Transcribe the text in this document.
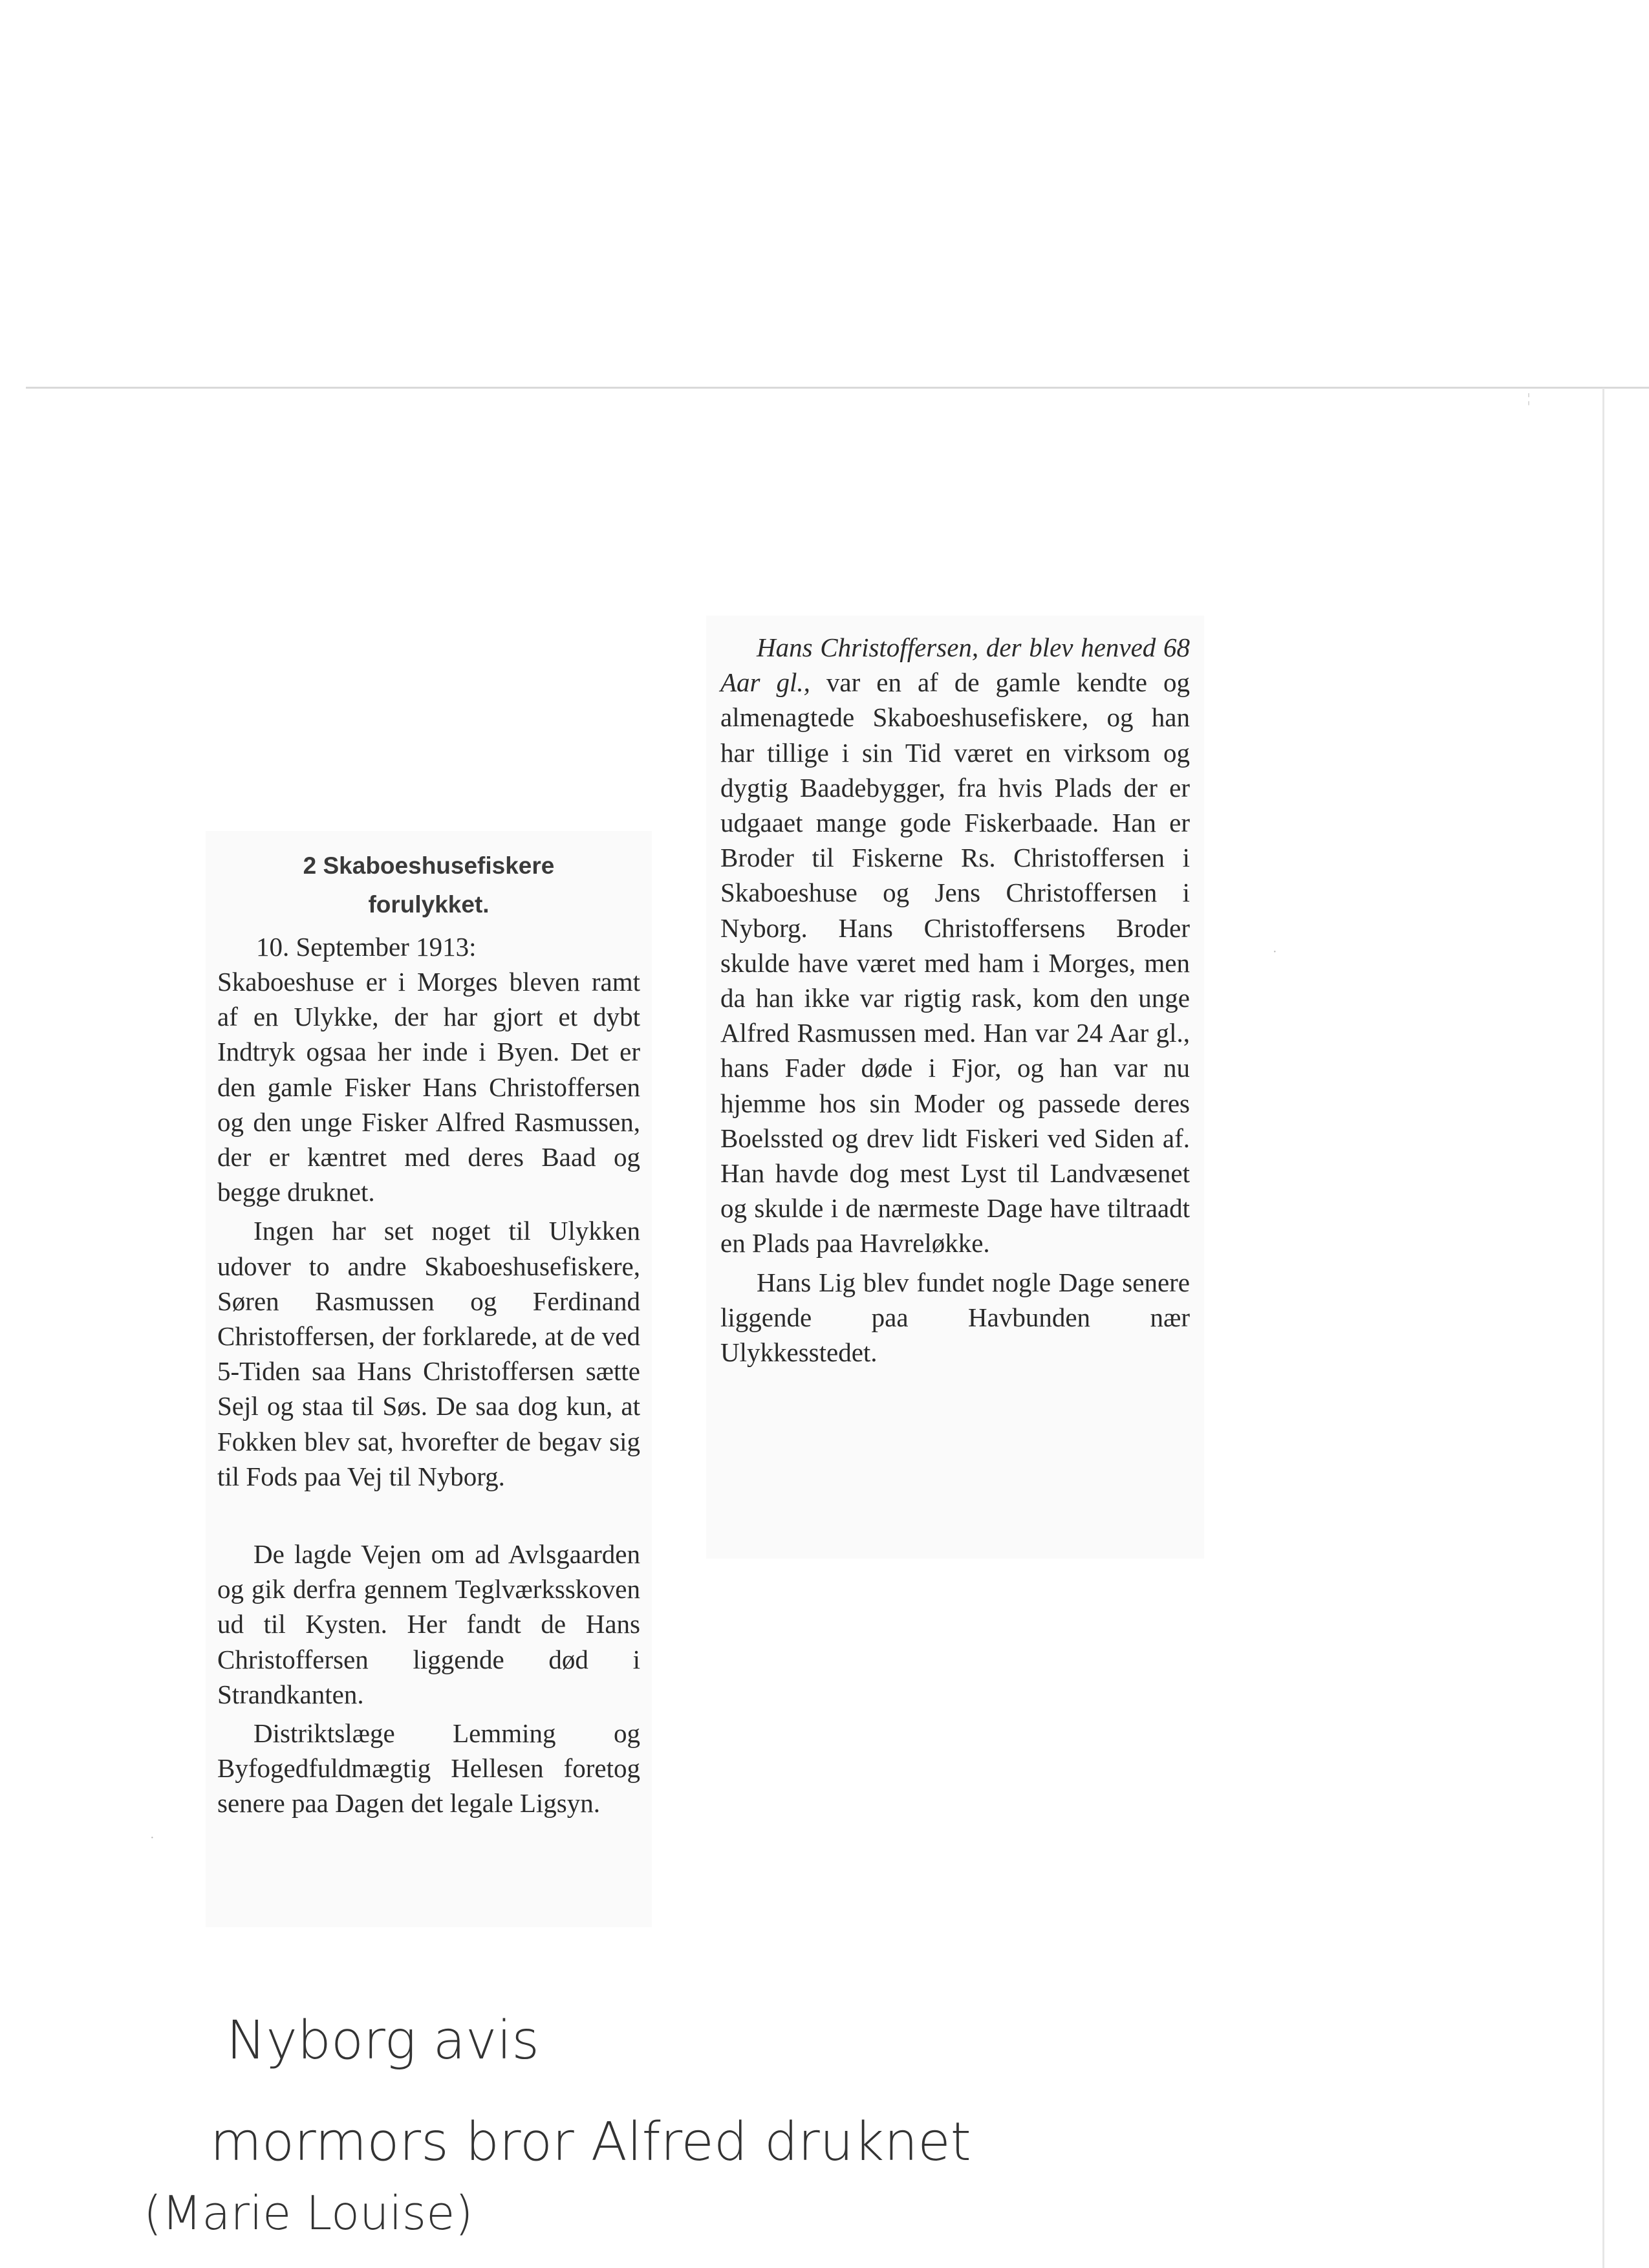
¦
·
·
2 Skaboeshusefiskere
forulykket.
10. September 1913:

Skaboeshuse er i Morges bleven ramt af en Ulykke, der har gjort et dybt Indtryk ogsaa her inde i Byen. Det er den gamle Fisker Hans Christoffersen og den unge Fisker Alfred Rasmussen, der er kæntret med deres Baad og begge druknet.

Ingen har set noget til Ulykken udover to andre Skaboeshusefiskere, Søren Rasmussen og Ferdinand Christoffersen, der forklarede, at de ved 5-Tiden saa Hans Christoffersen sætte Sejl og staa til Søs. De saa dog kun, at Fokken blev sat, hvorefter de begav sig til Fods paa Vej til Nyborg.

De lagde Vejen om ad Avlsgaarden og gik derfra gennem Teglværksskoven ud til Kysten. Her fandt de Hans Christoffersen liggende død i Strandkanten.

Distriktslæge Lemming og Byfogedfuldmægtig Hellesen foretog senere paa Dagen det legale Ligsyn.

Hans Christoffersen, der blev henved 68 Aar gl., var en af de gamle kendte og almenagtede Skaboeshusefiskere, og han har tillige i sin Tid været en virksom og dygtig Baadebygger, fra hvis Plads der er udgaaet mange gode Fiskerbaade. Han er Broder til Fiskerne Rs. Christoffersen i Skaboeshuse og Jens Christoffersen i Nyborg. Hans Christoffersens Broder skulde have været med ham i Morges, men da han ikke var rigtig rask, kom den unge Alfred Rasmussen med. Han var 24 Aar gl., hans Fader døde i Fjor, og han var nu hjemme hos sin Moder og passede deres Boelssted og drev lidt Fiskeri ved Siden af. Han havde dog mest Lyst til Landvæsenet og skulde i de nærmeste Dage have tiltraadt en Plads paa Havreløkke.

Hans Lig blev fundet nogle Dage senere liggende paa Havbunden nær Ulykkesstedet.

Nyborg avis
mormors bror Alfred druknet
(Marie Louise)
